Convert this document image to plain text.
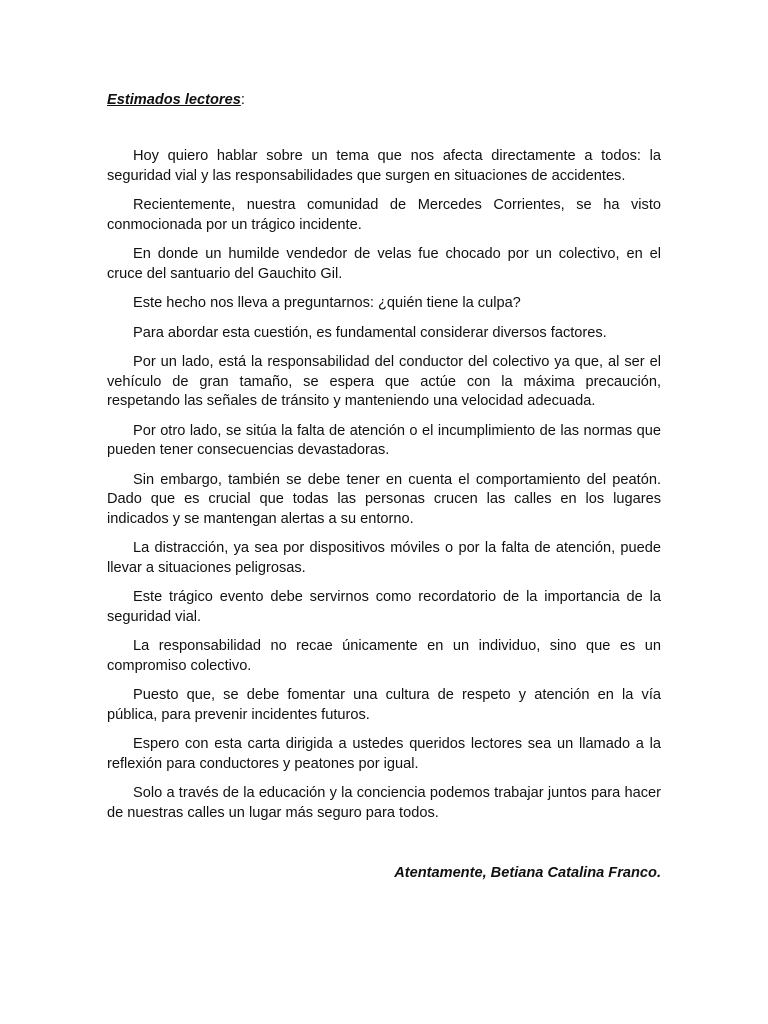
Estimados lectores:

Hoy quiero hablar sobre un tema que nos afecta directamente a todos: la seguridad vial y las responsabilidades que surgen en situaciones de accidentes.

Recientemente, nuestra comunidad de Mercedes Corrientes, se ha visto conmocionada por un trágico incidente.

En donde un humilde vendedor de velas fue chocado por un colectivo, en el cruce del santuario del Gauchito Gil.

Este hecho nos lleva a preguntarnos: ¿quién tiene la culpa?

Para abordar esta cuestión, es fundamental considerar diversos factores.

Por un lado, está la responsabilidad del conductor del colectivo ya que, al ser el vehículo de gran tamaño, se espera que actúe con la máxima precaución, respetando las señales de tránsito y manteniendo una velocidad adecuada.

Por otro lado, se sitúa la falta de atención o el incumplimiento de las normas que pueden tener consecuencias devastadoras.

Sin embargo, también se debe tener en cuenta el comportamiento del peatón. Dado que es crucial que todas las personas crucen las calles en los lugares indicados y se mantengan alertas a su entorno.

La distracción, ya sea por dispositivos móviles o por la falta de atención, puede llevar a situaciones peligrosas.

Este trágico evento debe servirnos como recordatorio de la importancia de la seguridad vial.

La responsabilidad no recae únicamente en un individuo, sino que es un compromiso colectivo.

Puesto que, se debe fomentar una cultura de respeto y atención en la vía pública, para prevenir incidentes futuros.

Espero con esta carta dirigida a ustedes queridos lectores sea un llamado a la reflexión para conductores y peatones por igual.

Solo a través de la educación y la conciencia podemos trabajar juntos para hacer de nuestras calles un lugar más seguro para todos.

Atentamente, Betiana Catalina Franco.
